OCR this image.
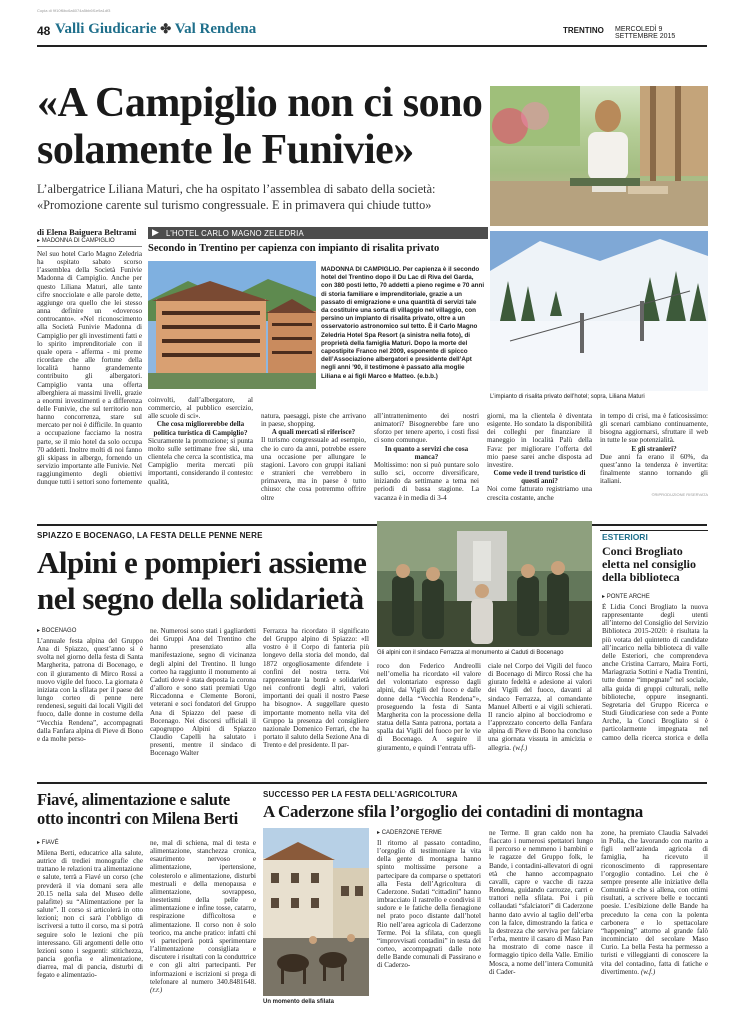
Copia di 9f10f6bc6a6074a5bb6f1e9a1df3
48 Valli Giudicarie ✤ Val Rendena	TRENTINO MERCOLEDÌ 9 SETTEMBRE 2015
«A Campiglio non ci sono
solamente le Funivie»
L’albergatrice Liliana Maturi, che ha ospitato l’assemblea di sabato della società:
«Promozione carente sul turismo congressuale. E in primavera qui chiude tutto»
di Elena Baiguera Beltrami
▸ MADONNA DI CAMPIGLIO
Nel suo hotel Carlo Magno Zeledria ha ospitato sabato scorso l’assemblea della Società Funivie Madonna di Campiglio. Anche per questo Liliana Maturi, alle tante cifre snocciolate e alle parole dette, aggiunge ora quello che lei stesso anna definire un «doveroso controcanto». «Nel riconoscimento alla Società Funivie Madonna di Campiglio per gli investimenti fatti e lo spirito imprenditoriale con il quale opera - afferma - mi preme ricordare che alle fortune della località hanno grandemente contribuito gli albergatori. Campiglio vanta una offerta alberghiera ai massimi livelli, grazie a enormi investimenti e a differenza delle Funivie, che sul territorio non hanno concorrenza, stare sul mercato per noi è difficile. In quanto a occupazione facciamo la nostra parte, se il mio hotel da solo occupa 70 addetti. Inoltre molti di noi fanno gli skipass in albergo, fornendo un servizio importante alle Funivie. Nel raggiungimento degli obiettivi dunque tutti i settori sono fortemente
L’HOTEL CARLO MAGNO ZELEDRIA
▶
Secondo in Trentino per capienza con impianto di risalita privato
MADONNA DI CAMPIGLIO. Per capienza è il secondo hotel del Trentino dopo il Du Lac di Riva del Garda, con 380 posti letto, 70 addetti a pieno regime e 70 anni di storia familiare e imprenditoriale, grazie a un passato di emigrazione e una quantità di servizi tale da costituire una sorta di villaggio nel villaggio, con persino un impianto di risalita privato, oltre a un osservatorio astronomico sul tetto. È il Carlo Magno Zeledria Hotel Spa Resort (a sinistra nella foto), di proprietà della famiglia Maturi. Dopo la morte del capostipite Franco nel 2009, esponente di spicco dell’Associazione albergatori e presidente dell’Apt negli anni ’90, il testimone è passato alla moglie Liliana e ai figli Marco e Matteo. (e.b.b.)
L’impianto di risalita privato dell’hotel; sopra, Liliana Maturi
coinvolti, dall’albergatore, al commercio, al pubblico esercizio, alle scuole di sci».
Che cosa migliorerebbe della politica turistica di Campiglio?
Sicuramente la promozione; si punta molto sulle settimane free ski, una clientela che cerca la scontistica, ma Campiglio merita mercati più importanti, considerando il contesto: qualità,
natura, paesaggi, piste che arrivano in paese, shopping.
A quali mercati si riferisce?
Il turismo congressuale ad esempio, che io curo da anni, potrebbe essere una occasione per allungare le stagioni. Lavoro con gruppi italiani e stranieri che verrebbero in primavera, ma in paese è tutto chiuso: che cosa potremmo offrire oltre
all’intrattenimento dei nostri animatori? Bisognerebbe fare uno sforzo per tenere aperto, i costi fissi ci sono comunque.
In quanto a servizi che cosa manca?
Moltissimo: non si può puntare solo sullo sci, occorre diversificare, iniziando da settimane a tema nei periodi di bassa stagione. La vacanza è in media di 3-4
giorni, ma la clientela è diventata esigente. Ho sondato la disponibilità dei colleghi per finanziare il maneggio in località Palù della Fava: per migliorare l’offerta del mio paese sarei anche disposta ad investire.
Come vede il trend turistico di questi anni?
Noi come fatturato registriamo una crescita costante, anche
in tempo di crisi, ma è faticosissimo: gli scenari cambiano continuamente, bisogna aggiornarsi, sfruttare il web in tutte le sue potenzialità.
E gli stranieri?
Due anni fa erano il 60%, da quest’anno la tendenza è invertita: finalmente stanno tornando gli italiani.
©RIPRODUZIONE RISERVATA
SPIAZZO E BOCENAGO, LA FESTA DELLE PENNE NERE
Alpini e pompieri assieme
nel segno della solidarietà
Gli alpini con il sindaco Ferrazza al monumento ai Caduti di Bocenago
▸ BOCENAGO
L’annuale festa alpina del Gruppo Ana di Spiazzo, quest’anno si è svolta nel giorno della festa di Santa Margherita, patrona di Bocenago, e con il giuramento di Mirco Rossi a nuovo vigile del fuoco. La giornata è iniziata con la sfilata per il paese del lungo corteo di penne nere rendenesi, seguiti dai locali Vigili del fuoco, dalle donne in costume della “Vecchia Rendena”, accompagnati dalla Fanfara alpina di Pieve di Bono e da molte perso-
ne. Numerosi sono stati i gagliardetti dei Gruppi Ana del Trentino che hanno presenziato alla manifestazione, segno di vicinanza degli alpini del Trentino. Il lungo corteo ha raggiunto il monumento ai Caduti dove è stata deposta la corona d’alloro e sono stati premiati Ugo Riccadonna e Clemente Boroni, veterani e soci fondatori del Gruppo Ana di Spiazzo del paese di Bocenago. Nei discorsi ufficiali il capogruppo Alpini di Spiazzo Claudio Capelli ha salutato i presenti, mentre il sindaco di Bocenago Walter
Ferrazza ha ricordato il significato del Gruppo alpino di Spiazzo: «Il vostro è il Corpo di fanteria più longevo della storia del mondo, dal 1872 orgogliosamente difendete i confini del nostra terra. Voi rappresentate la bontà e solidarietà nei confronti degli altri, valori importanti dei quali il nostro Paese ha bisogno». A suggellare questo importante momento nella vita del Gruppo la presenza del consigliere nazionale Domenico Ferrari, che ha portato il saluto della Sezione Ana di Trento e del presidente. Il par-
roco don Federico Andreolli nell’omelia ha ricordato «il valore del volontariato espresso dagli alpini, dai Vigili del fuoco e dalle donne della “Vecchia Rendena”», proseguendo la festa di Santa Margherita con la processione della statua della Santa patrona, portata a spalla dai Vigili del fuoco per le vie di Bocenago. A seguire il giuramento, e quindi l’entrata uffi-
ciale nel Corpo dei Vigili del fuoco di Bocenago di Mirco Rossi che ha giurato fedeltà e adesione ai valori dei Vigili del fuoco, davanti al sindaco Ferrazza, al comandante Manuel Alberti e ai vigili schierati. Il rancio alpino al bocciodromo e l’apprezzato concerto della Fanfara alpina di Pieve di Bono ha concluso una giornata vissuta in amicizia e allegria. (w.f.)
ESTERIORI
Conci Brogliato eletta nel consiglio della biblioteca
▸ PONTE ARCHE
È Lidia Conci Brogliato la nuova rappresentante degli utenti all’interno del Consiglio del Servizio Biblioteca 2015-2020: è risultata la più votata del quintetto di candidate all’incarico nella biblioteca di valle delle Esteriori, che comprendeva anche Cristina Carraro, Maira Forti, Mariagrazia Sottini e Nadia Trentini, tutte donne “impegnate” nel sociale, alla guida di gruppi culturali, nelle biblioteche, oppure insegnanti. Segretaria del Gruppo Ricerca e Studi Giudicariese con sede a Ponte Arche, la Conci Brogliato si è particolarmente impegnata nel campo della ricerca storica e della
Fiavé, alimentazione e salute
otto incontri con Milena Berti
▸ FIAVÉ
Milena Berti, educatrice alla salute, autrice di trediei monografie che trattano le relazioni tra alimentazione e salute, terrà a Fiavé un corso (che prevderà il via domani sera alle 20.15 nella sala del Museo delle palafitte) su “Alimentazione per la salute”. Il corso si articolerà in otto lezioni; non ci sarà l’obbligo di iscriversi a tutto il corso, ma si potrà seguire solo le lezioni che più interessano. Gli argomenti delle otto lezioni sono i seguenti: stitichezza, pancia gonfia e alimentazione, diarrea, mal di pancia, disturbi di fegato e alimentazio-
ne, mal di schiena, mal di testa e alimentazione, stanchezza cronica, esaurimento nervoso e alimentazione, ipertensione, colesterolo e alimentazione, disturbi mestruali e della menopausa e alimentazione, sovrappeso, inestetismi della pelle e alimentazione e infine tosse, catarro, respirazione difficoltosa e alimentazione. Il corso non è solo teorico, ma anche pratico: infatti chi vi parteciperà potrà sperimentare l’alimentazione consigliata e discutere i risultati con la conduttrice e con gli altri partecipanti. Per informazioni e iscrizioni si prega di telefonare al numero 340.8481648. (r.r.)
SUCCESSO PER LA FESTA DELL’AGRICOLTURA
A Caderzone sfila l’orgoglio dei contadini di montagna
Un momento della sfilata
▸ CADERZONE TERME
Il ritorno al passato contadino, l’orgoglio di testimoniare la vita della gente di montagna hanno spinto moltissime persone a partecipare da comparse o spettatori alla Festa dell’Agricoltura di Caderzone. Sudati “cittadini” hanno imbracciato il rastrello e condivisi il sudore e le fatiche della fienagione nel prato poco distante dall’hotel Rio nell’area agricola di Caderzone Terme. Poi la sfilata, con quegli “improvvisati contadini” in testa del corteo, accompagnati dalle note delle Bande comunali di Passirano e di Caderzo-
ne Terme. Il gran caldo non ha fiaccato i numerosi spettatori lungo il percorso e nemmeno i bambini e le ragazze del Gruppo folk, le Bande, i contadini-allevatori di ogni età che hanno accompagnato cavalli, capre e vacche di razza Rendena, guidando carrozze, carri e trattori nella sfilata. Poi i più collaudati “sfalciatori” di Caderzone hanno dato avvio al taglio dell’erba con la falce, dimostrando la fatica e la destrezza che serviva per falciare l’erba, mentre il casaro di Maso Pan ha mostrato di come nasce il formaggio tipico della Valle. Emilio Mosca, a nome dell’intera Comunità di Cader-
zone, ha premiato Claudia Salvadei in Polla, che lavorando con marito a figli nell’azienda agricola di famiglia, ha ricevuto il riconoscimento di rappresentare l’orgoglio contadino. Lei che è sempre presente alle iniziative della Comunità e che si allena, con ottimi risultati, a scrivere belle e toccanti poesie. L’esibizione delle Bande ha preceduto la cena con la polenta carbonera e lo spettacolare “happening” attorno al grande falò incominciato del secolare Maso Curio. La bella Festa ha permesso a turisti e villeggianti di conoscere la vita del contadino, fatta di fatiche e divertimento. (w.f.)
